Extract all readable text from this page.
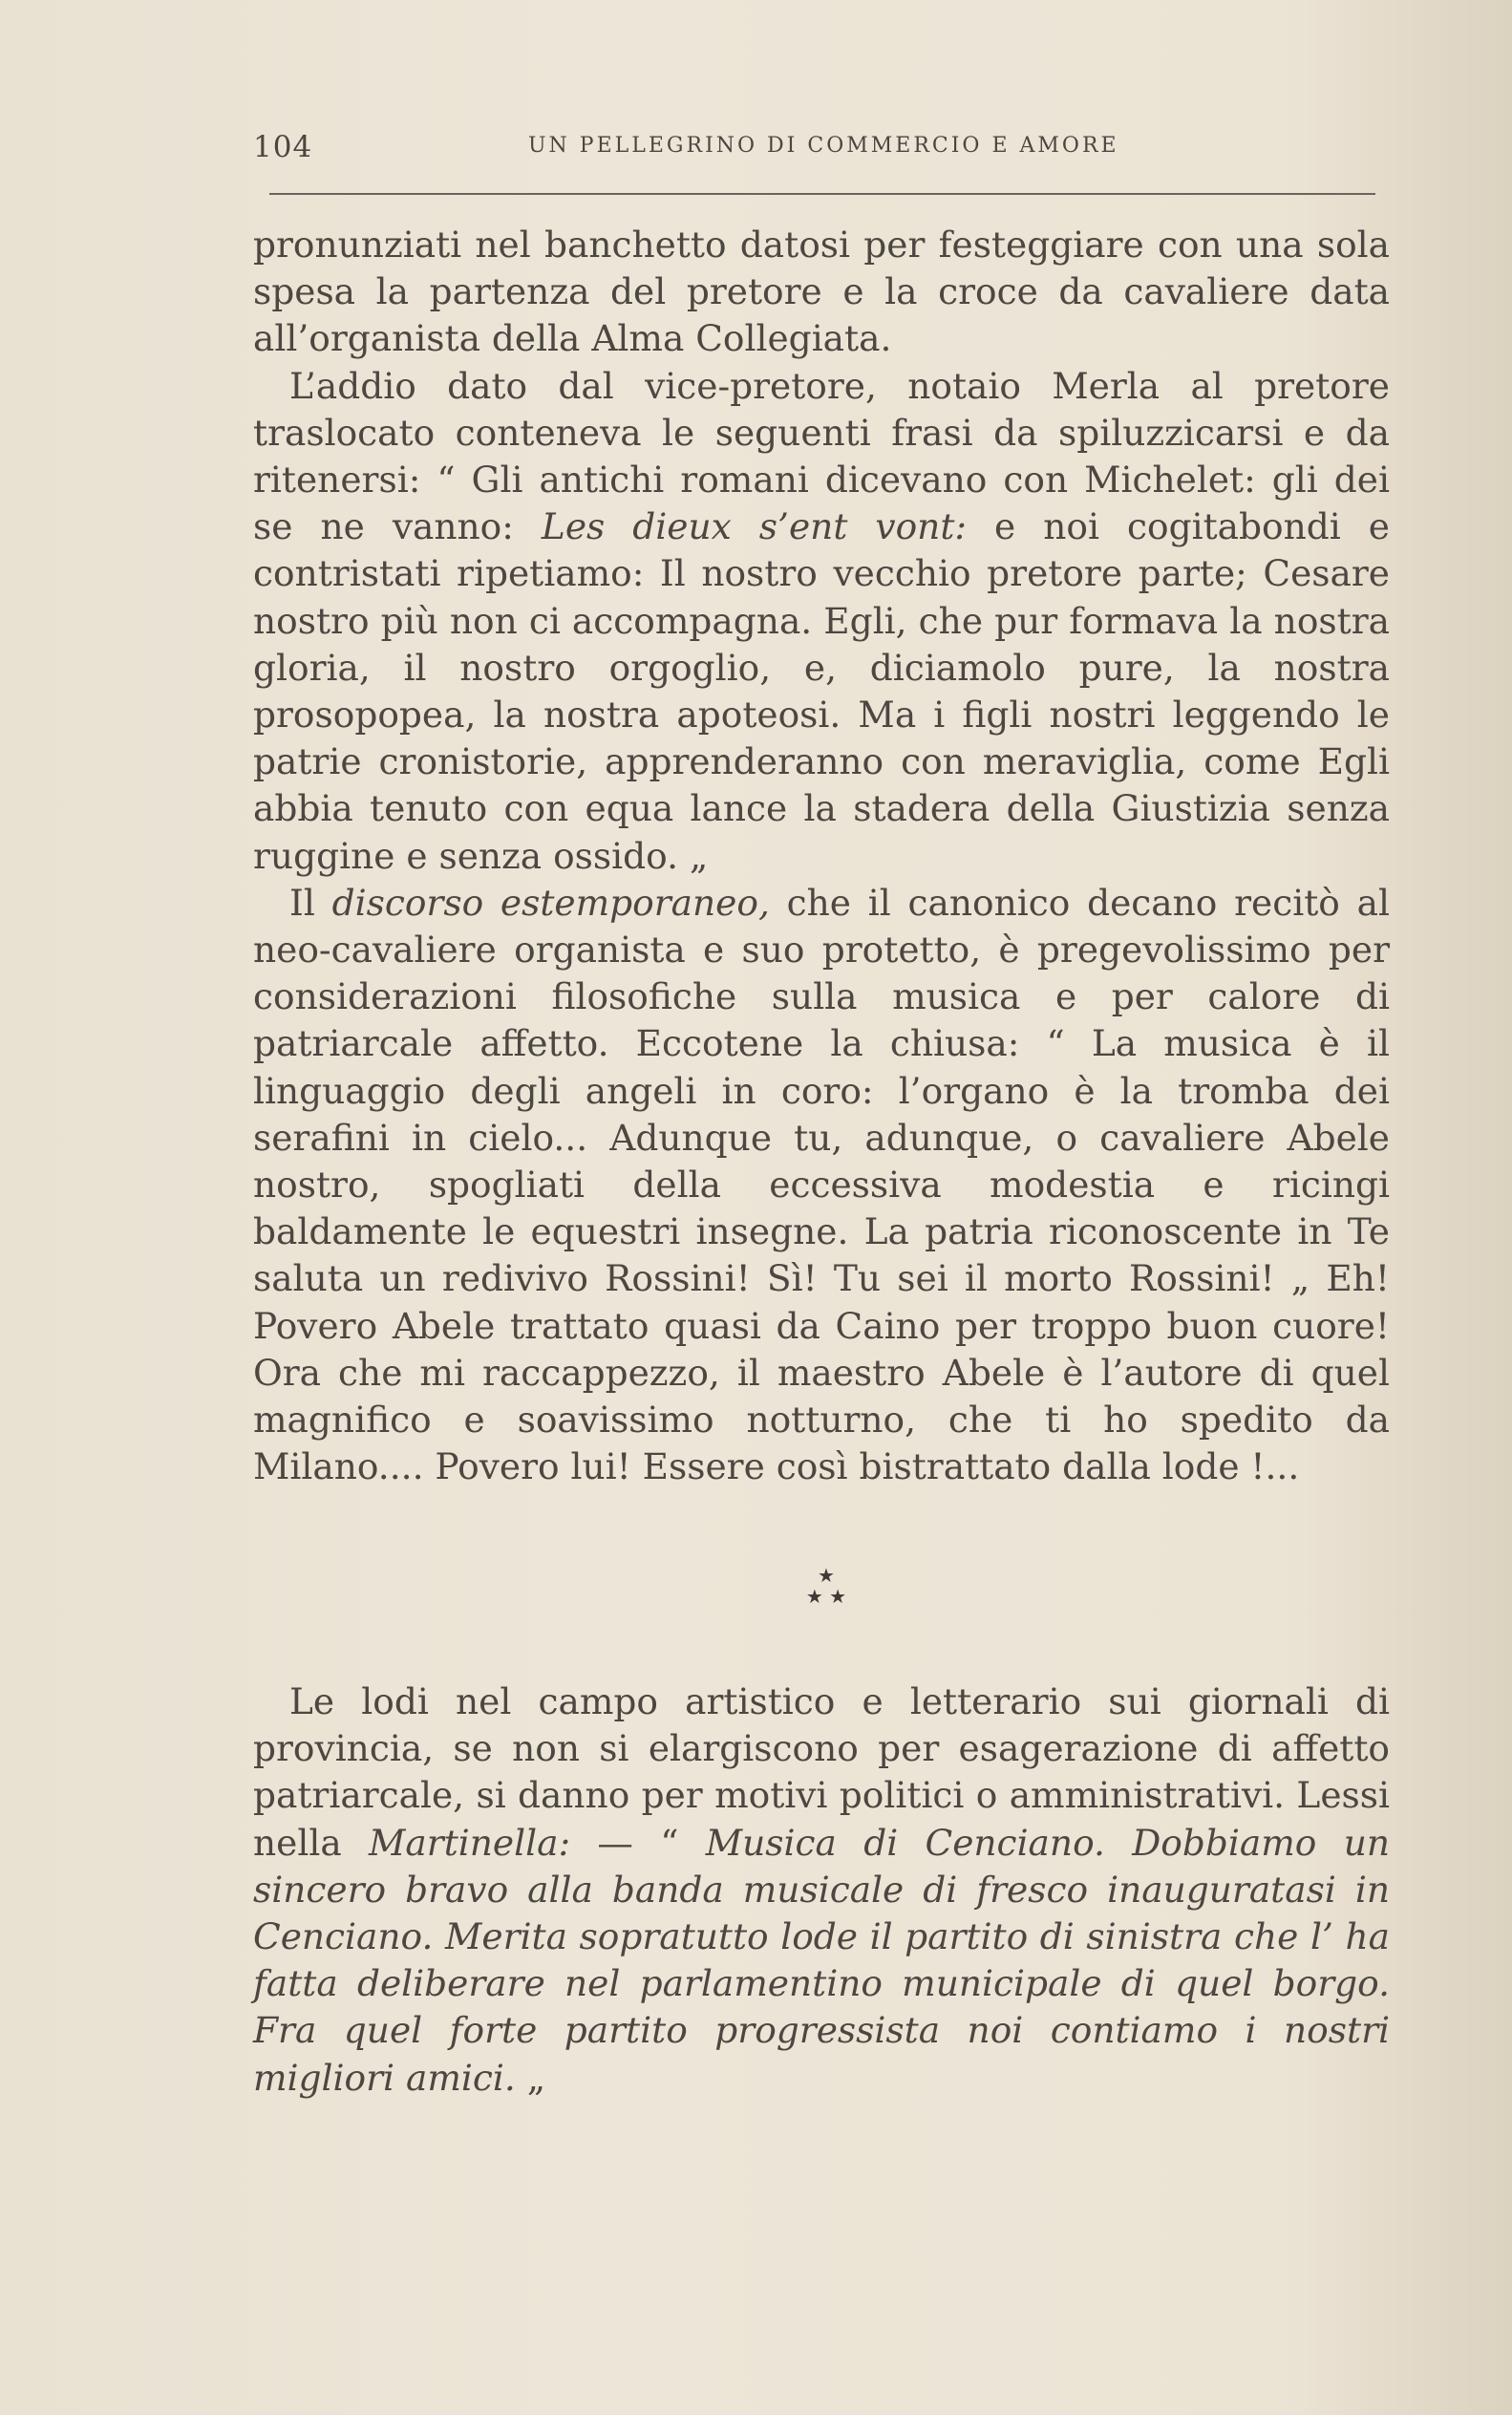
104	UN PELLEGRINO DI COMMERCIO E AMORE

pronunziati nel banchetto datosi per festeggiare con una sola spesa la partenza del pretore e la croce da cavaliere data all’organista della Alma Collegiata.

L’addio dato dal vice-pretore, notaio Merla al pretore traslocato conteneva le seguenti frasi da spiluzzicarsi e da ritenersi: “ Gli antichi romani dicevano con Michelet: gli dei se ne vanno: Les dieux s’ent vont: e noi cogitabondi e contristati ripetiamo: Il nostro vecchio pretore parte; Cesare nostro più non ci accompagna. Egli, che pur formava la nostra gloria, il nostro orgoglio, e, diciamolo pure, la nostra prosopopea, la nostra apoteosi. Ma i figli nostri leggendo le patrie cronistorie, apprenderanno con meraviglia, come Egli abbia tenuto con equa lance la stadera della Giustizia senza ruggine e senza ossido. „

Il discorso estemporaneo, che il canonico decano recitò al neo-cavaliere organista e suo protetto, è pregevolissimo per considerazioni filosofiche sulla musica e per calore di patriarcale affetto. Eccotene la chiusa: “ La musica è il linguaggio degli angeli in coro: l’organo è la tromba dei serafini in cielo... Adunque tu, adunque, o cavaliere Abele nostro, spogliati della eccessiva modestia e ricingi baldamente le equestri insegne. La patria riconoscente in Te saluta un redivivo Rossini! Sì! Tu sei il morto Rossini! „ Eh! Povero Abele trattato quasi da Caino per troppo buon cuore! Ora che mi raccappezzo, il maestro Abele è l’autore di quel magnifico e soavissimo notturno, che ti ho spedito da Milano.... Povero lui! Essere così bistrattato dalla lode !...

★
★ ★

Le lodi nel campo artistico e letterario sui giornali di provincia, se non si elargiscono per esagerazione di affetto patriarcale, si danno per motivi politici o amministrativi. Lessi nella Martinella: — “ Musica di Cenciano. Dobbiamo un sincero bravo alla banda musicale di fresco inauguratasi in Cenciano. Merita sopratutto lode il partito di sinistra che l’ ha fatta deliberare nel parlamentino municipale di quel borgo. Fra quel forte partito progressista noi contiamo i nostri migliori amici. „
